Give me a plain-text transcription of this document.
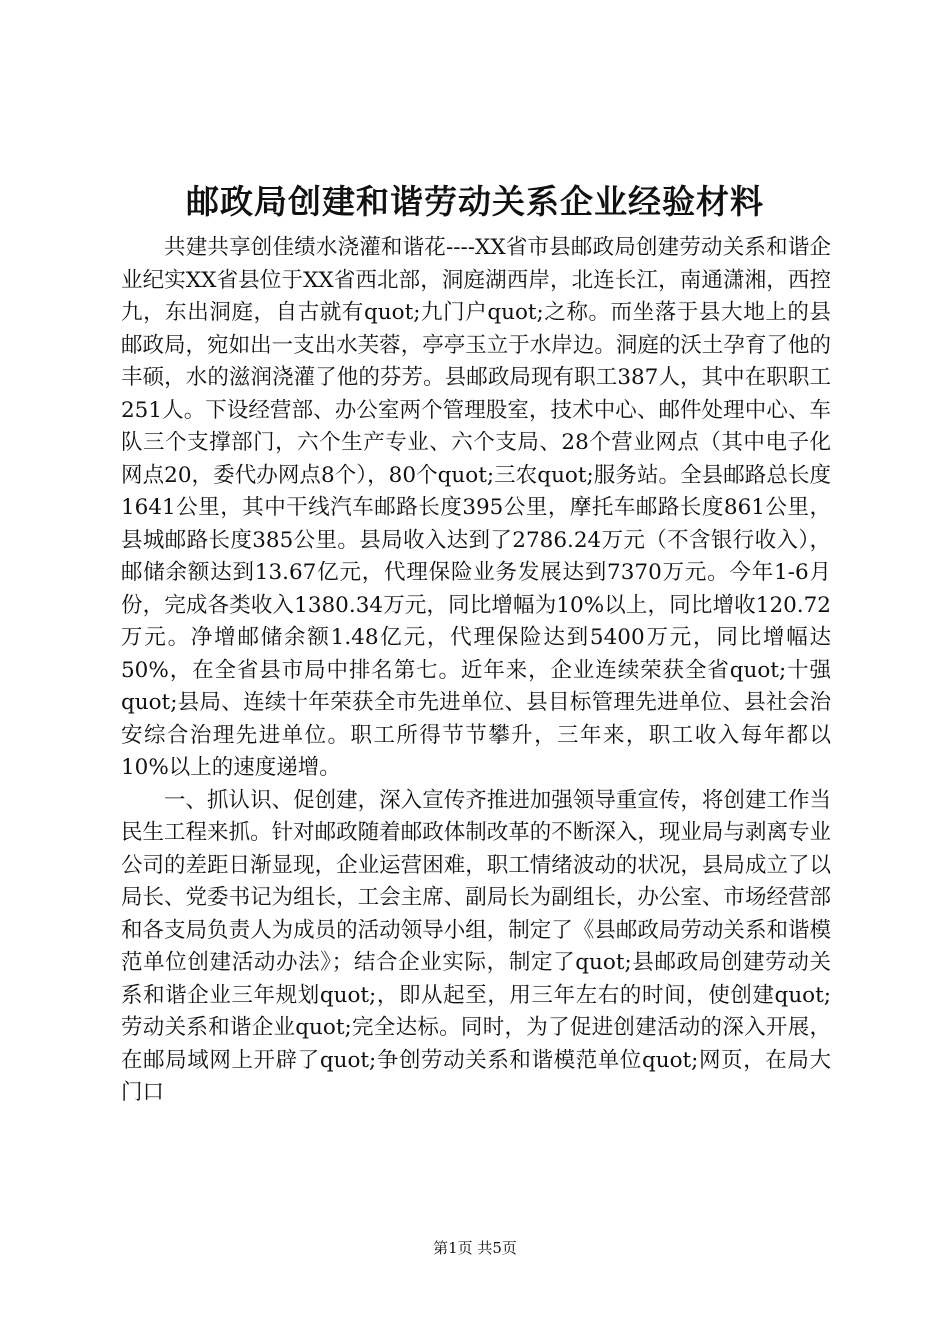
邮政局创建和谐劳动关系企业经验材料

共建共享创佳绩水浇灌和谐花----XX省市县邮政局创建劳动关系和谐企业纪实XX省县位于XX省西北部，洞庭湖西岸，北连长江，南通潇湘，西控九，东出洞庭，自古就有quot;九门户quot;之称。而坐落于县大地上的县邮政局，宛如出一支出水芙蓉，亭亭玉立于水岸边。洞庭的沃土孕育了他的丰硕，水的滋润浇灌了他的芬芳。县邮政局现有职工387人，其中在职职工251人。下设经营部、办公室两个管理股室，技术中心、邮件处理中心、车队三个支撑部门，六个生产专业、六个支局、28个营业网点（其中电子化网点20，委代办网点8个），80个quot;三农quot;服务站。全县邮路总长度1641公里，其中干线汽车邮路长度395公里，摩托车邮路长度861公里，县城邮路长度385公里。县局收入达到了2786.24万元（不含银行收入），邮储余额达到13.67亿元，代理保险业务发展达到7370万元。今年1-6月份，完成各类收入1380.34万元，同比增幅为10%以上，同比增收120.72万元。净增邮储余额1.48亿元，代理保险达到5400万元，同比增幅达50%，在全省县市局中排名第七。近年来，企业连续荣获全省quot;十强quot;县局、连续十年荣获全市先进单位、县目标管理先进单位、县社会治安综合治理先进单位。职工所得节节攀升，三年来，职工收入每年都以10%以上的速度递增。

一、抓认识、促创建，深入宣传齐推进加强领导重宣传，将创建工作当民生工程来抓。针对邮政随着邮政体制改革的不断深入，现业局与剥离专业公司的差距日渐显现，企业运营困难，职工情绪波动的状况，县局成立了以局长、党委书记为组长，工会主席、副局长为副组长，办公室、市场经营部和各支局负责人为成员的活动领导小组，制定了《县邮政局劳动关系和谐模范单位创建活动办法》；结合企业实际，制定了quot;县邮政局创建劳动关系和谐企业三年规划quot;，即从起至，用三年左右的时间，使创建quot;劳动关系和谐企业quot;完全达标。同时，为了促进创建活动的深入开展，在邮局域网上开辟了quot;争创劳动关系和谐模范单位quot;网页，在局大门口

第1页 共5页
